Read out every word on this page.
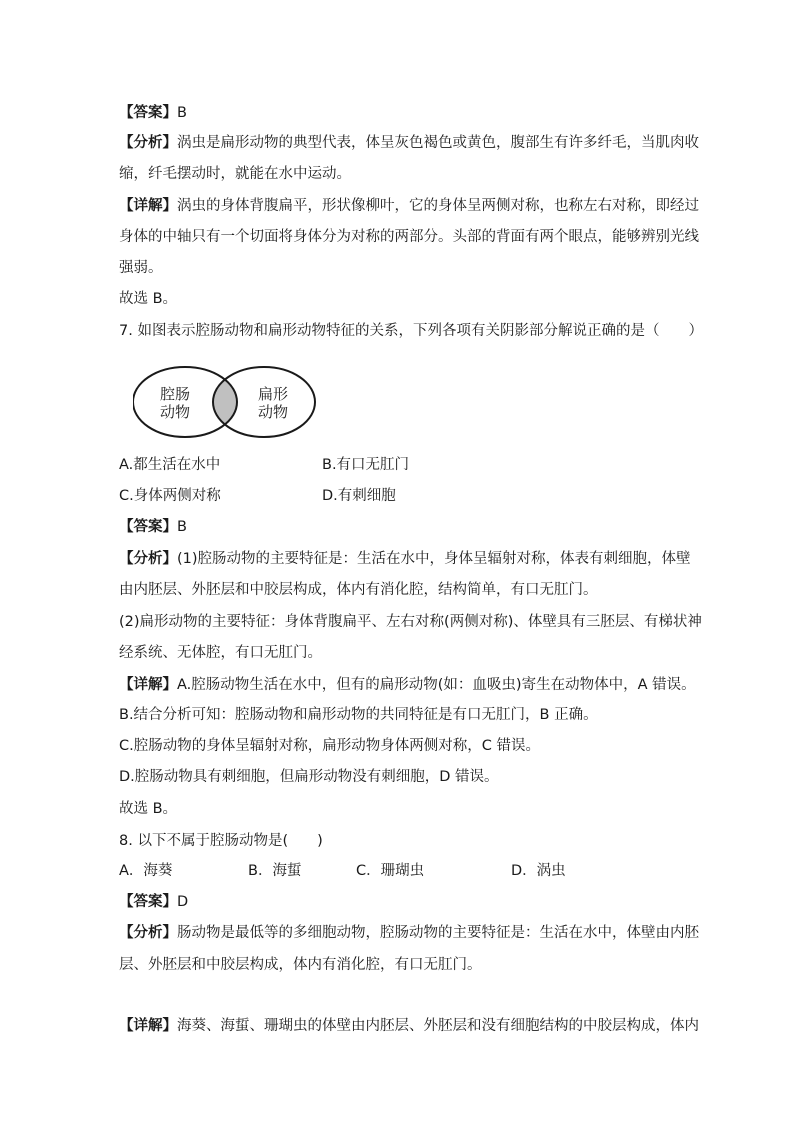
【答案】B
【分析】涡虫是扁形动物的典型代表，体呈灰色褐色或黄色，腹部生有许多纤毛，当肌肉收
缩，纤毛摆动时，就能在水中运动。
【详解】涡虫的身体背腹扁平，形状像柳叶，它的身体呈两侧对称，也称左右对称，即经过
身体的中轴只有一个切面将身体分为对称的两部分。头部的背面有两个眼点，能够辨别光线
强弱。
故选 B。
7. 如图表示腔肠动物和扁形动物特征的关系，下列各项有关阴影部分解说正确的是（　　）
腔肠
动物
扁形
动物
A.都生活在水中	B.有口无肛门
C.身体两侧对称	D.有刺细胞
【答案】B
【分析】(1)腔肠动物的主要特征是：生活在水中，身体呈辐射对称，体表有刺细胞，体壁
由内胚层、外胚层和中胶层构成，体内有消化腔，结构简单，有口无肛门。
(2)扁形动物的主要特征：身体背腹扁平、左右对称(两侧对称)、体壁具有三胚层、有梯状神
经系统、无体腔，有口无肛门。
【详解】A.腔肠动物生活在水中，但有的扁形动物(如：血吸虫)寄生在动物体中，A 错误。
B.结合分析可知：腔肠动物和扁形动物的共同特征是有口无肛门，B 正确。
C.腔肠动物的身体呈辐射对称，扁形动物身体两侧对称，C 错误。
D.腔肠动物具有刺细胞，但扁形动物没有刺细胞，D 错误。
故选 B。
8. 以下不属于腔肠动物是(　　)
A．海葵	B．海蜇	C．珊瑚虫	D．涡虫
【答案】D
【分析】肠动物是最低等的多细胞动物，腔肠动物的主要特征是：生活在水中，体壁由内胚
层、外胚层和中胶层构成，体内有消化腔，有口无肛门。
【详解】海葵、海蜇、珊瑚虫的体壁由内胚层、外胚层和没有细胞结构的中胶层构成，体内
